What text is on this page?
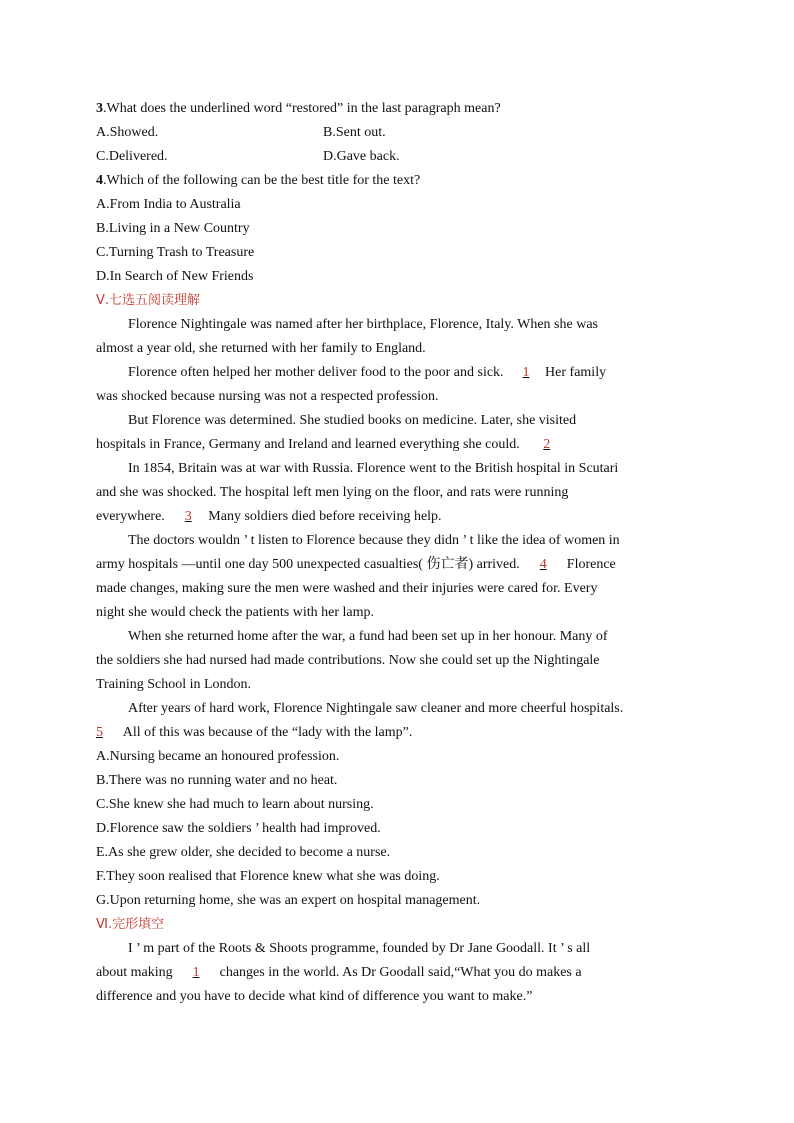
3.What does the underlined word “restored” in the last paragraph mean?
A.Showed.	B.Sent out.
C.Delivered.	D.Gave back.
4.Which of the following can be the best title for the text?
A.From India to Australia
B.Living in a New Country
C.Turning Trash to Treasure
D.In Search of New Friends
Ⅴ.七选五阅读理解
Florence Nightingale was named after her birthplace, Florence, Italy. When she was
almost a year old, she returned with her family to England.
Florence often helped her mother deliver food to the poor and sick. 1 Her family
was shocked because nursing was not a respected profession.
But Florence was determined. She studied books on medicine. Later, she visited
hospitals in France, Germany and Ireland and learned everything she could. 2
In 1854, Britain was at war with Russia. Florence went to the British hospital in Scutari
and she was shocked. The hospital left men lying on the floor, and rats were running
everywhere. 3 Many soldiers died before receiving help.
The doctors wouldn ’ t listen to Florence because they didn ’ t like the idea of women in
army hospitals —until one day 500 unexpected casualties( 伤亡者) arrived. 4 Florence
made changes, making sure the men were washed and their injuries were cared for. Every
night she would check the patients with her lamp.
When she returned home after the war, a fund had been set up in her honour. Many of
the soldiers she had nursed had made contributions. Now she could set up the Nightingale
Training School in London.
After years of hard work, Florence Nightingale saw cleaner and more cheerful hospitals.
5 All of this was because of the “lady with the lamp”.
A.Nursing became an honoured profession.
B.There was no running water and no heat.
C.She knew she had much to learn about nursing.
D.Florence saw the soldiers ’ health had improved.
E.As she grew older, she decided to become a nurse.
F.They soon realised that Florence knew what she was doing.
G.Upon returning home, she was an expert on hospital management.
Ⅵ.完形填空
I ’ m part of the Roots & Shoots programme, founded by Dr Jane Goodall. It ’ s all
about making 1 changes in the world. As Dr Goodall said,“What you do makes a
difference and you have to decide what kind of difference you want to make.”
